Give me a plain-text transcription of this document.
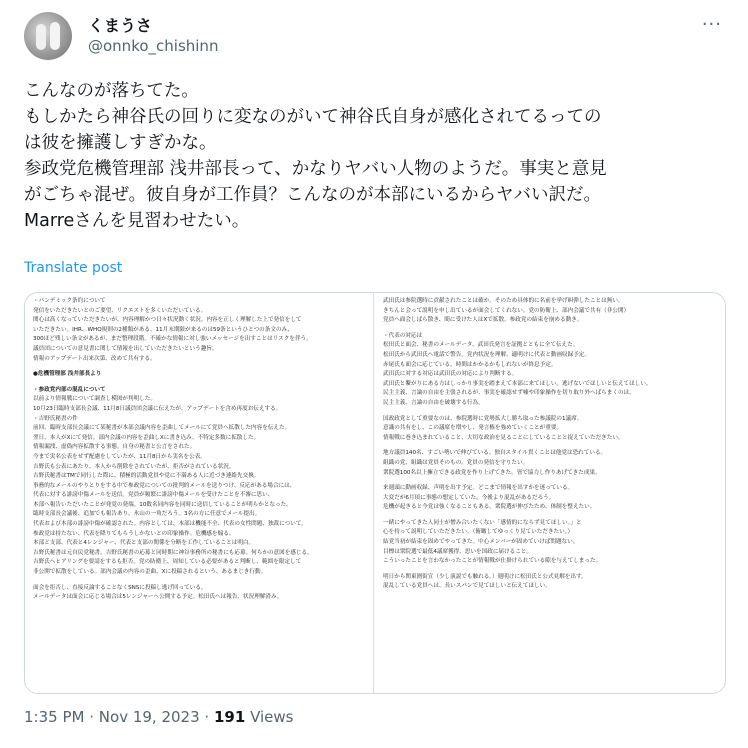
くまうさ
@onnko_chishinn
···
こんなのが落ちてた。
もしかたら神谷氏の回りに変なのがいて神谷氏自身が感化されてるっての
は彼を擁護しすぎかな。
参政党危機管理部 浅井部長って、かなりヤバい人物のようだ。事実と意見
がごちゃ混ぜ。彼自身が工作員？こんなのが本部にいるからヤバい訳だ。
Marreさんを見習わせたい。
Translate post
・パンデミック条約について
発信をいただきたいとのご要望、リクエストを多くいただいている。
関心は高くなっていただきたいが、内容理解かつ日々状況動く状況。内容を正しく理解した上で発信をして
いただきたい。IHR、WHO規則の2種類がある、11月末期限が来るのは59条というひとつの条文のみ、
300ほど残しい条文があるが、まだ整理段階。不確かな情報に対し強いメッセージを出すことはリスクを伴う。
議員団についての意見書に関して情報を出していただきたいという趣旨。
情報のアップデート出来次第、改めて共有する。
●危機管理部 浅井部長より
・参政党内部の混乱について
以前より情報戦について調査し模図が判明した。
10月23日臨時支部長会議、11月8日議員団会議に伝えたが、アップデートを含め再度お伝えする。
・吉野氏秘書の件
前回、臨時支部長会議にて某秘書が本部会議内容を歪曲してメールにて党員へ拡散した内容を伝えた。
翌日、本人がXにて発信。部内会議の内容を歪曲しXに書き込み。不特定多数に拡散した。
情報漏洩、虚偽内容拡散する事態。自身の秘書と公言をされた。
今まで実名公表をせず配慮をしていたが、11月8日から実名を公表。
吉野氏も公表にあたり、本人から削除をされていたが、拒否がされている状況。
吉野氏秘書はTMで同行した際に、積極的活動党員や党に不満ある人に近づき連絡先交換。
事務的なメールのやりとりをする中で参政党についての批判的メールを送りつけ、反応がある場合には、
代表に対する誹謗中傷メールを送信。党員が頻繁に誹謗中傷メールを受けたことを不審に思い、
本部へ報告いただいたことが発覚の発端。10数名同内容を同時に送信していることが明らかとなった。
臨時支部長会議後、追加でも報告あり。氷山の一角だろう。3名の方に任意でメール提出。
代表および本部の誹謗中傷が確認された。内容としては、本部は機能不全、代表の女性問題、独裁について。
参政党は持たない、代表を降りてもらうしかないとの印象操作。危機感を煽る。
本部と支部、代表と4レンジャー、代表と支部の関係を分断を工作していることは明白。
吉野氏秘書は元自民党秘書。吉野氏秘書の応募と同時期に神谷事務所の秘書にも応募。何らかの意図を感じる。
吉野氏へヒアリングを要請をするも拒否。党の防衛上、周知している必要があると判断し、範囲を限定して
非公開で拡散をしている。部内会議の内容の歪曲、Xに投稿されるという、あるまじき行動。
面会を拒否し、直接反論することなくSNSに投稿し逃げ回っている。
メールデータは面会に応じる場合は5レンジャーへ公開する予定。松田氏へは報告、状況理解済み。
武田氏は参院選時に貢献されたことは確か。そのため具体的に名前を挙げ糾弾したことは無い。
きちんと会って説明を申し出ているが面会してくれない。党の防衛上、部内会議で共有（非公開）
党員へ面会しばら散き、間に受けた人はXで拡散。参政党の結束を崩める動き。
・代表の対応は
松田氏と面会、秘書のメールデータ、武田氏発言を証拠とともに全て伝えた。
松田氏から武田氏へ電話で警告。党内状況を理解、適明けに代表と動画収録予定。
赤尾氏も面会に応じている。時間はかかるかもしれないが終息予定。
武田氏に対する対応は武田氏の対応により判断する。
武田氏と繋がりにある方はしっかり事実を踏まえて本部に来てほしい。逃げないでほしいと伝えてほしい。
民主主義、言論の自由を主張されるが、事実を確認せず嘘や印象操作を切り取り外へばらまくのは、
民主主義、言論の自由を破壊する行為。
国政政党として重要なのは、参院選時に党勢拡大し勝ち取った参議院の1議席。
意識の共有をし、この議席を増やし、発言権を強めていくことが重要。
情報戦に巻き込まれていること、大切な政治を見ることにしていることと捉えていただきたい。
地方議員140名、すごい勢いで伸びている。独自スタイル貫くことは他党は恐れている。
組織の党、組織は党員そのもの。党員の発信を守りたい。
衆院選100名以上擁立できる政党を作り上げてきた。皆で協力し作りあげてきた成果。
来週頭に動画収録、声明を出す予定。どこまで情報を出すかを迷っている。
大変だが6月頃に事態の想定していた。今後より混乱があるだろう。
危機が起きると今党は強くなることもある。衆院選が伸びたため、体制を整えたい。
一緒にやってきた人同士が憎み合いたくない「感情的にならず見てほしい。」と
心を持って説明していただきたい。（俯瞰してゆっくり見ていただきたい。）
結党当初が結束を固めてやってきた。中心メンバーが固めていけば問題ない。
目標は衆院選で最低4議席獲得、思いを国政に届けること。
こういったことを言わなかったことが情報戦が仕掛けられている隙を与えてしまった。
明日から関東圏街宣（少し演説でも触れる。）週明けに松田氏と公式見解を出す。
混乱している党員へは、長いスパンで見てほしいと伝えてほしい。
1:35 PM · Nov 19, 2023 · 191 Views
